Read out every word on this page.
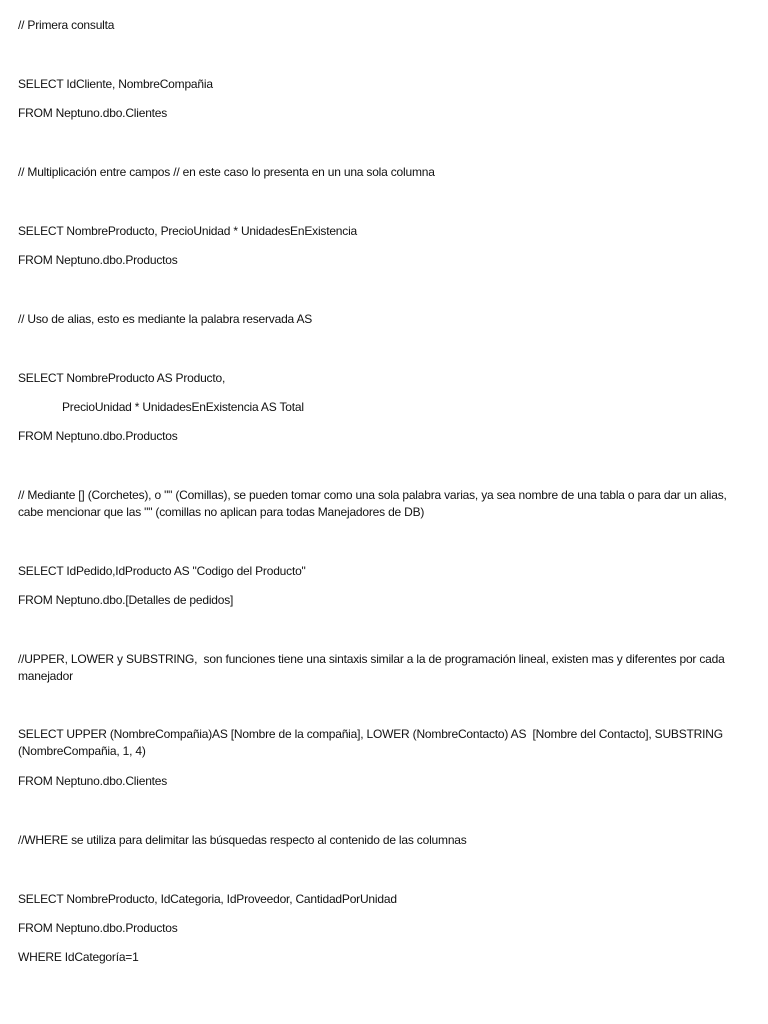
// Primera consulta
SELECT IdCliente, NombreCompañia
FROM Neptuno.dbo.Clientes
// Multiplicación entre campos // en este caso lo presenta en un una sola columna
SELECT NombreProducto, PrecioUnidad * UnidadesEnExistencia
FROM Neptuno.dbo.Productos
// Uso de alias, esto es mediante la palabra reservada AS
SELECT NombreProducto AS Producto,
PrecioUnidad * UnidadesEnExistencia AS Total
FROM Neptuno.dbo.Productos
// Mediante [] (Corchetes), o "" (Comillas), se pueden tomar como una sola palabra varias, ya sea nombre de una tabla o para dar un alias, cabe mencionar que las "" (comillas no aplican para todas Manejadores de DB)
SELECT IdPedido,IdProducto AS "Codigo del Producto"
FROM Neptuno.dbo.[Detalles de pedidos]
//UPPER, LOWER y SUBSTRING,  son funciones tiene una sintaxis similar a la de programación lineal, existen mas y diferentes por cada manejador
SELECT UPPER (NombreCompañia)AS [Nombre de la compañia], LOWER (NombreContacto) AS  [Nombre del Contacto], SUBSTRING (NombreCompañia, 1, 4)
FROM Neptuno.dbo.Clientes
//WHERE se utiliza para delimitar las búsquedas respecto al contenido de las columnas
SELECT NombreProducto, IdCategoria, IdProveedor, CantidadPorUnidad
FROM Neptuno.dbo.Productos
WHERE IdCategoría=1
